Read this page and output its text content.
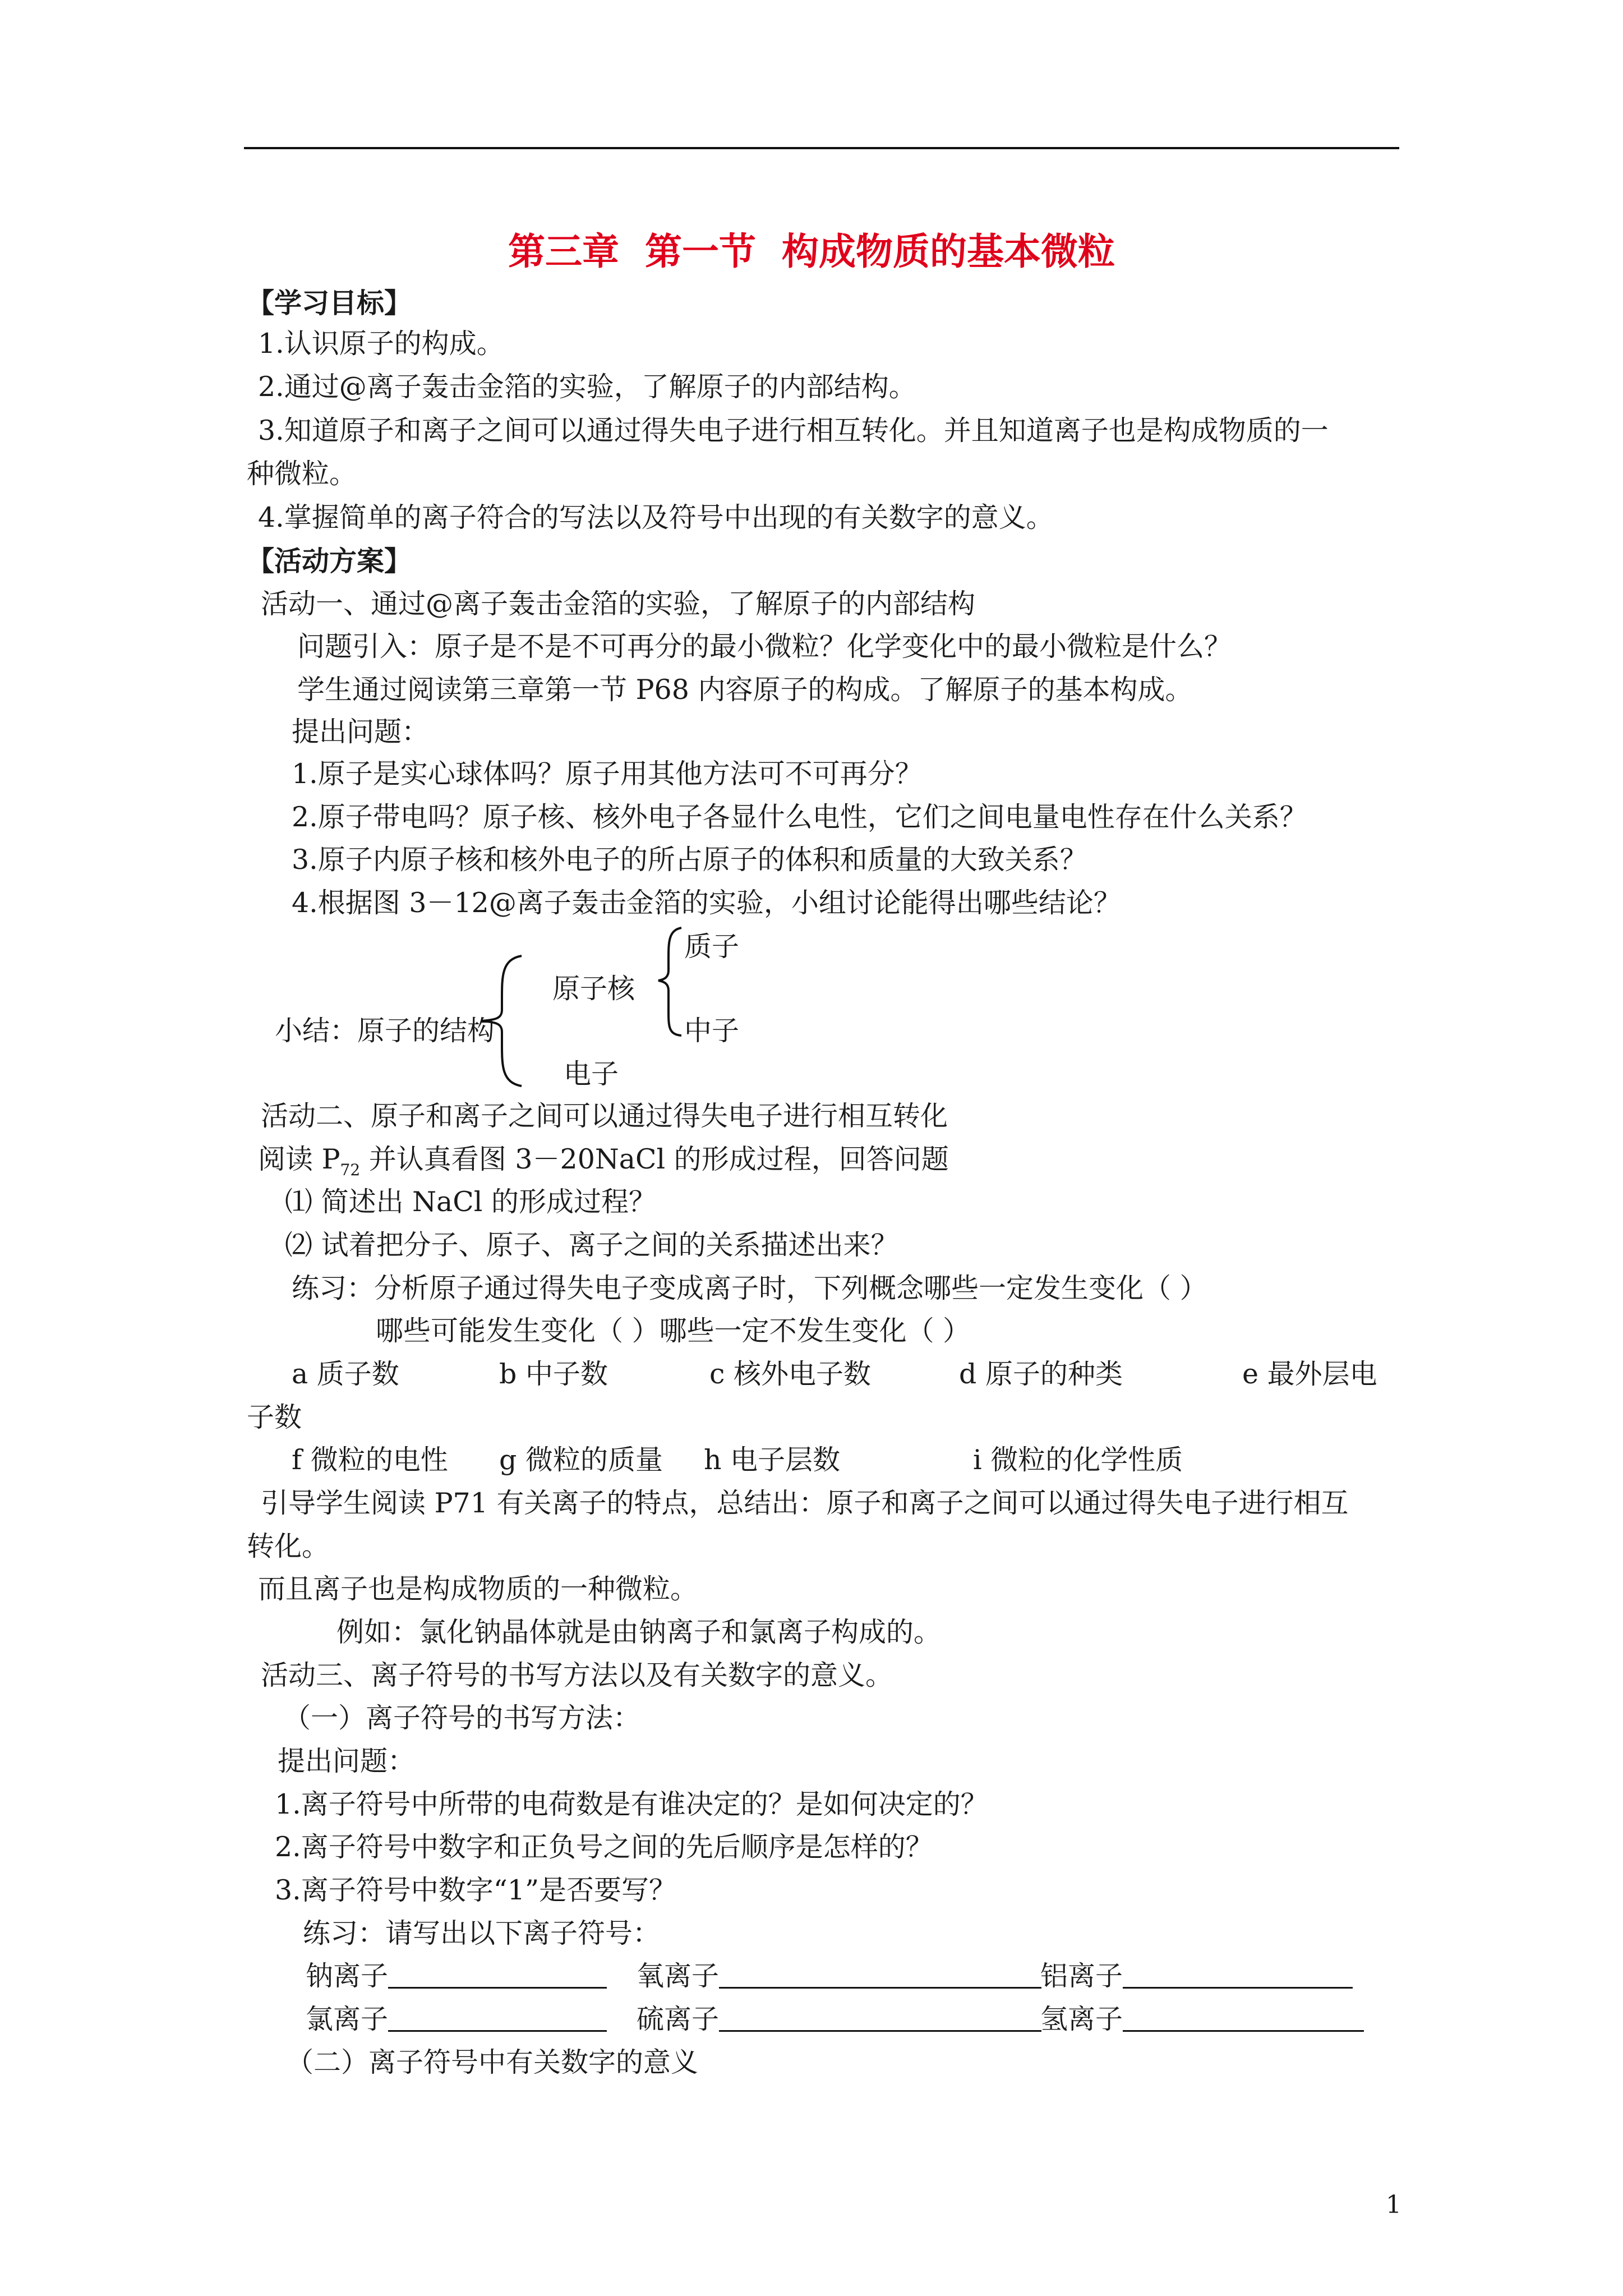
第三章  第一节  构成物质的基本微粒
【学习目标】
1.认识原子的构成。
2.通过@离子轰击金箔的实验，了解原子的内部结构。
3.知道原子和离子之间可以通过得失电子进行相互转化。并且知道离子也是构成物质的一
种微粒。
4.掌握简单的离子符合的写法以及符号中出现的有关数字的意义。
【活动方案】
活动一、通过@离子轰击金箔的实验，了解原子的内部结构
问题引入：原子是不是不可再分的最小微粒？化学变化中的最小微粒是什么？
学生通过阅读第三章第一节 P68 内容原子的构成。了解原子的基本构成。
提出问题：
1.原子是实心球体吗？原子用其他方法可不可再分？
2.原子带电吗？原子核、核外电子各显什么电性，它们之间电量电性存在什么关系？
3.原子内原子核和核外电子的所占原子的体积和质量的大致关系？
4.根据图 3－12@离子轰击金箔的实验，小组讨论能得出哪些结论？
质子
原子核
中子
小结：原子的结构
电子
活动二、原子和离子之间可以通过得失电子进行相互转化
阅读 $P_{72}$ 并认真看图 3－20NaCl 的形成过程，回答问题
⑴ 简述出 NaCl 的形成过程？
⑵ 试着把分子、原子、离子之间的关系描述出来？
练习：分析原子通过得失电子变成离子时，下列概念哪些一定发生变化（ ）
哪些可能发生变化（ ）哪些一定不发生变化（ ）
a 质子数	b 中子数	c 核外电子数	d 原子的种类	e 最外层电
子数
f 微粒的电性 g 微粒的质量 h 电子层数	i 微粒的化学性质
引导学生阅读 P71 有关离子的特点，总结出：原子和离子之间可以通过得失电子进行相互
转化。
而且离子也是构成物质的一种微粒。
例如：氯化钠晶体就是由钠离子和氯离子构成的。
活动三、离子符号的书写方法以及有关数字的意义。
（一）离子符号的书写方法：
提出问题：
1.离子符号中所带的电荷数是有谁决定的？是如何决定的？
2.离子符号中数字和正负号之间的先后顺序是怎样的？
3.离子符号中数字“1”是否要写？
练习：请写出以下离子符号：
钠离子	氧离子	铝离子
氯离子	硫离子	氢离子
（二）离子符号中有关数字的意义
1
